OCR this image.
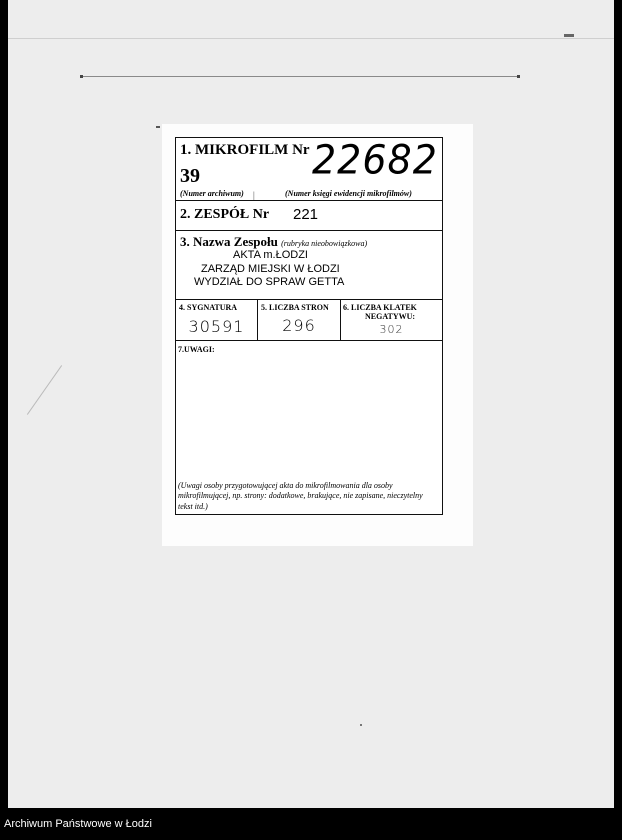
1. MIKROFILM Nr 22682
39
(Numer archiwum) |	(Numer księgi ewidencji mikrofilmów)
2. ZESPÓŁ Nr 221
3. Nazwa Zespołu (rubryka nieobowiązkowa)
AKTA m.ŁODZI
ZARZĄD MIEJSKI W ŁODZI
WYDZIAŁ DO SPRAW GETTA
4. SYGNATURA
30591
5. LICZBA STRON
296
6. LICZBA KLATEK
NEGATYWU:
302
7.UWAGI:
(Uwagi osoby przygotowującej akta do mikrofilmowania dla osoby mikrofilmującej, np. strony: dodatkowe, brakujące, nie zapisane, nieczytelny tekst itd.)
Archiwum Państwowe w Łodzi
